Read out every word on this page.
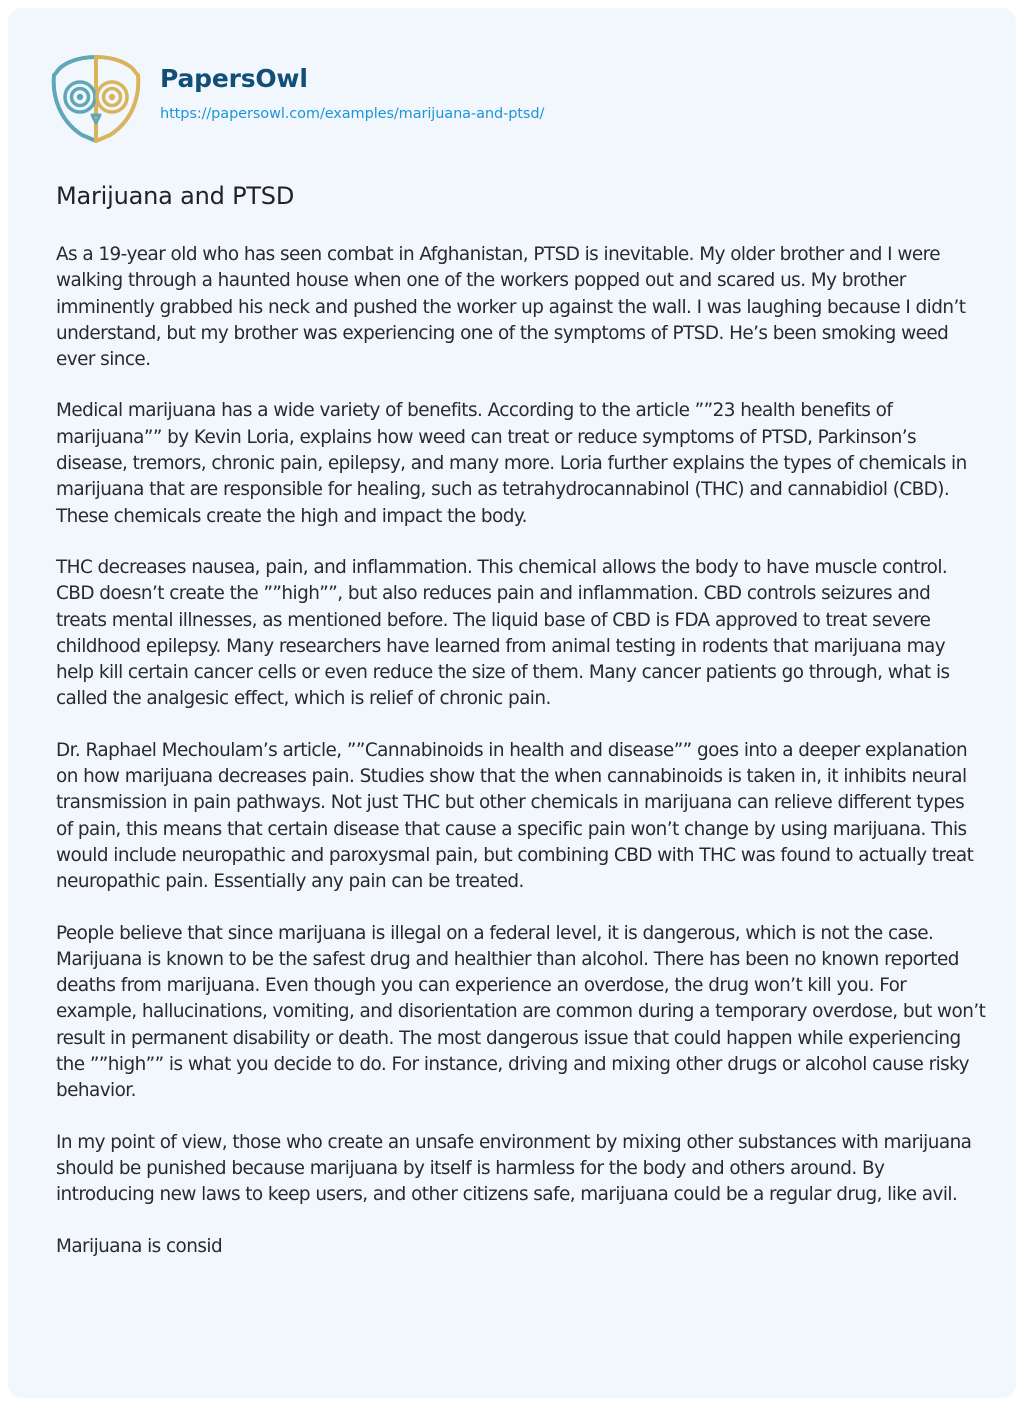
PapersOwl
https://papersowl.com/examples/marijuana-and-ptsd/
Marijuana and PTSD

As a 19-year old who has seen combat in Afghanistan, PTSD is inevitable. My older brother and I were walking through a haunted house when one of the workers popped out and scared us. My brother imminently grabbed his neck and pushed the worker up against the wall. I was laughing because I didn’t understand, but my brother was experiencing one of the symptoms of PTSD. He’s been smoking weed ever since.

Medical marijuana has a wide variety of benefits. According to the article ””23 health benefits of marijuana”” by Kevin Loria, explains how weed can treat or reduce symptoms of PTSD, Parkinson’s disease, tremors, chronic pain, epilepsy, and many more. Loria further explains the types of chemicals in marijuana that are responsible for healing, such as tetrahydrocannabinol (THC) and cannabidiol (CBD). These chemicals create the high and impact the body.

THC decreases nausea, pain, and inflammation. This chemical allows the body to have muscle control. CBD doesn’t create the ””high””, but also reduces pain and inflammation. CBD controls seizures and treats mental illnesses, as mentioned before. The liquid base of CBD is FDA approved to treat severe childhood epilepsy. Many researchers have learned from animal testing in rodents that marijuana may help kill certain cancer cells or even reduce the size of them. Many cancer patients go through, what is called the analgesic effect, which is relief of chronic pain.

Dr. Raphael Mechoulam’s article, ””Cannabinoids in health and disease”” goes into a deeper explanation on how marijuana decreases pain. Studies show that the when cannabinoids is taken in, it inhibits neural transmission in pain pathways. Not just THC but other chemicals in marijuana can relieve different types of pain, this means that certain disease that cause a specific pain won’t change by using marijuana. This would include neuropathic and paroxysmal pain, but combining CBD with THC was found to actually treat neuropathic pain. Essentially any pain can be treated.

People believe that since marijuana is illegal on a federal level, it is dangerous, which is not the case. Marijuana is known to be the safest drug and healthier than alcohol. There has been no known reported deaths from marijuana. Even though you can experience an overdose, the drug won’t kill you. For example, hallucinations, vomiting, and disorientation are common during a temporary overdose, but won’t result in permanent disability or death. The most dangerous issue that could happen while experiencing the ””high”” is what you decide to do. For instance, driving and mixing other drugs or alcohol cause risky behavior.

In my point of view, those who create an unsafe environment by mixing other substances with marijuana should be punished because marijuana by itself is harmless for the body and others around. By introducing new laws to keep users, and other citizens safe, marijuana could be a regular drug, like avil.

Marijuana is consid
